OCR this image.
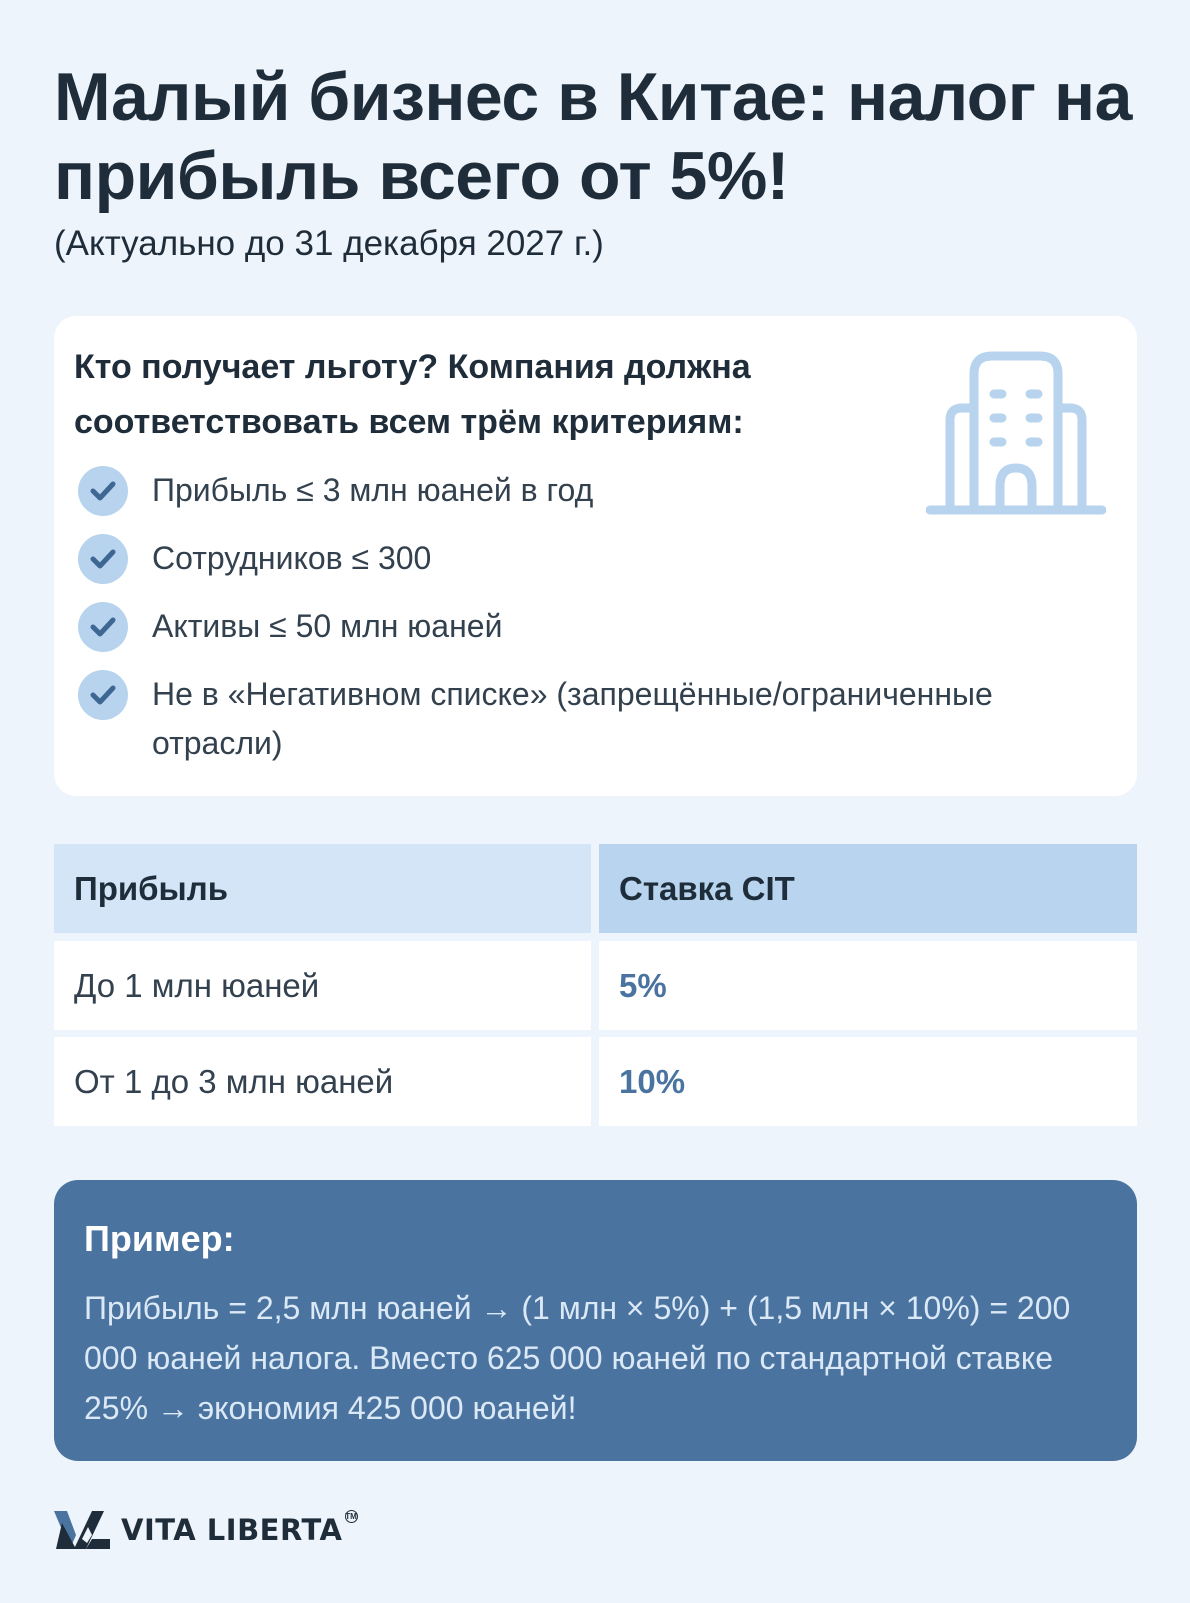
Малый бизнес в Китае: налог на прибыль всего от 5%!
(Актуально до 31 декабря 2027 г.)
Кто получает льготу? Компания должна соответствовать всем трём критериям:
Прибыль ≤ 3 млн юаней в год
Сотрудников ≤ 300
Активы ≤ 50 млн юаней
Не в «Негативном списке» (запрещённые/ограниченные отрасли)
Прибыль	Ставка CIT
До 1 млн юаней	5%
От 1 до 3 млн юаней	10%
Пример:
Прибыль = 2,5 млн юаней → (1 млн × 5%) + (1,5 млн × 10%) = 200 000 юаней налога. Вместо 625 000 юаней по стандартной ставке 25% → экономия 425 000 юаней!
VITA LIBERTA TM
